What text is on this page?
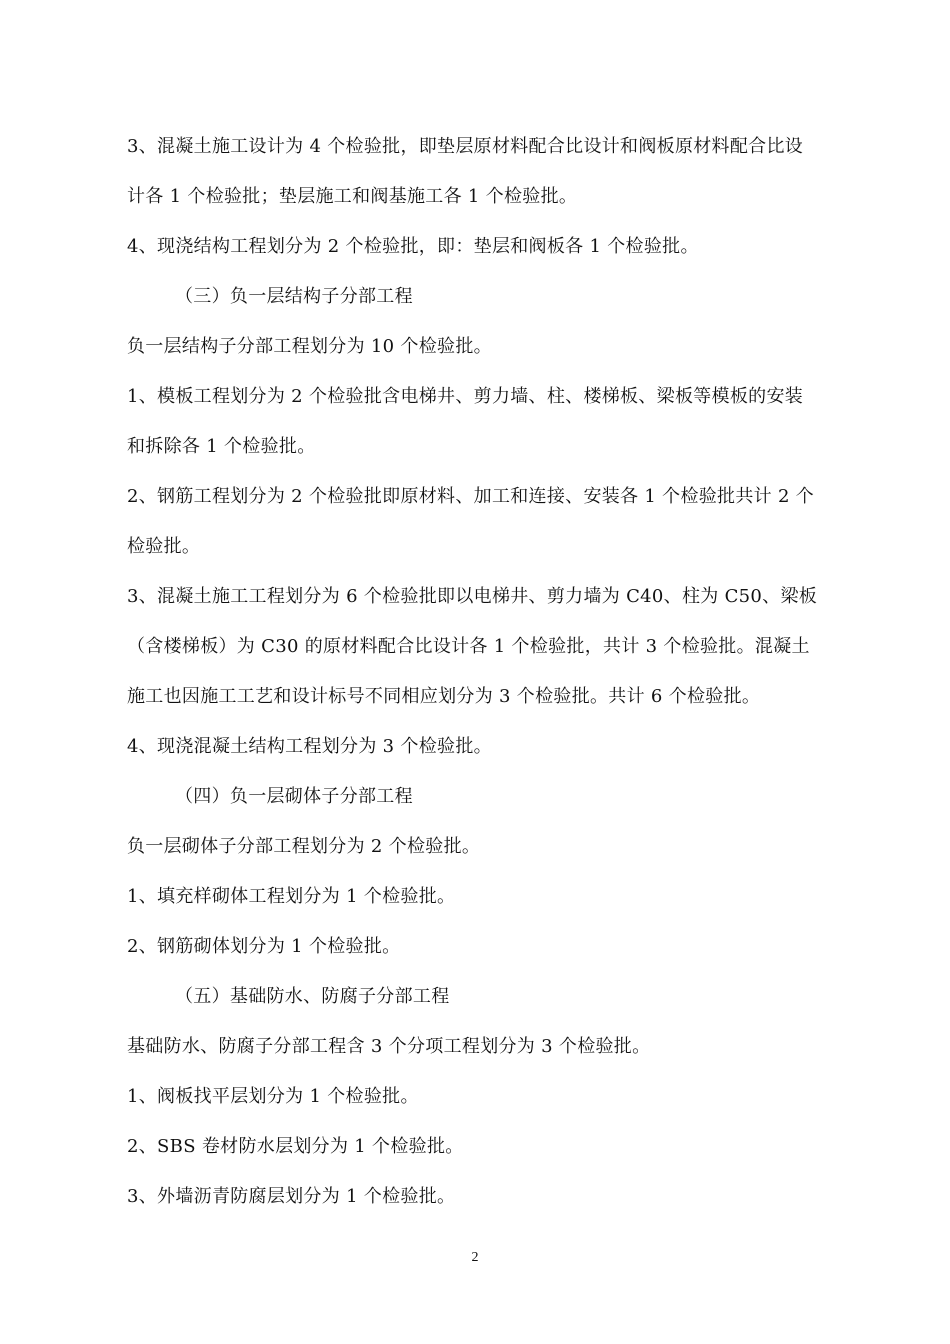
3、混凝土施工设计为 4 个检验批，即垫层原材料配合比设计和阀板原材料配合比设
计各 1 个检验批；垫层施工和阀基施工各 1 个检验批。
4、现浇结构工程划分为 2 个检验批，即：垫层和阀板各 1 个检验批。
（三）负一层结构子分部工程
负一层结构子分部工程划分为 10 个检验批。
1、模板工程划分为 2 个检验批含电梯井、剪力墙、柱、楼梯板、梁板等模板的安装
和拆除各 1 个检验批。
2、钢筋工程划分为 2 个检验批即原材料、加工和连接、安装各 1 个检验批共计 2 个
检验批。
3、混凝土施工工程划分为 6 个检验批即以电梯井、剪力墙为 C40、柱为 C50、梁板
（含楼梯板）为 C30 的原材料配合比设计各 1 个检验批，共计 3 个检验批。混凝土
施工也因施工工艺和设计标号不同相应划分为 3 个检验批。共计 6 个检验批。
4、现浇混凝土结构工程划分为 3 个检验批。
（四）负一层砌体子分部工程
负一层砌体子分部工程划分为 2 个检验批。
1、填充样砌体工程划分为 1 个检验批。
2、钢筋砌体划分为 1 个检验批。
（五）基础防水、防腐子分部工程
基础防水、防腐子分部工程含 3 个分项工程划分为 3 个检验批。
1、阀板找平层划分为 1 个检验批。
2、SBS 卷材防水层划分为 1 个检验批。
3、外墙沥青防腐层划分为 1 个检验批。
2
